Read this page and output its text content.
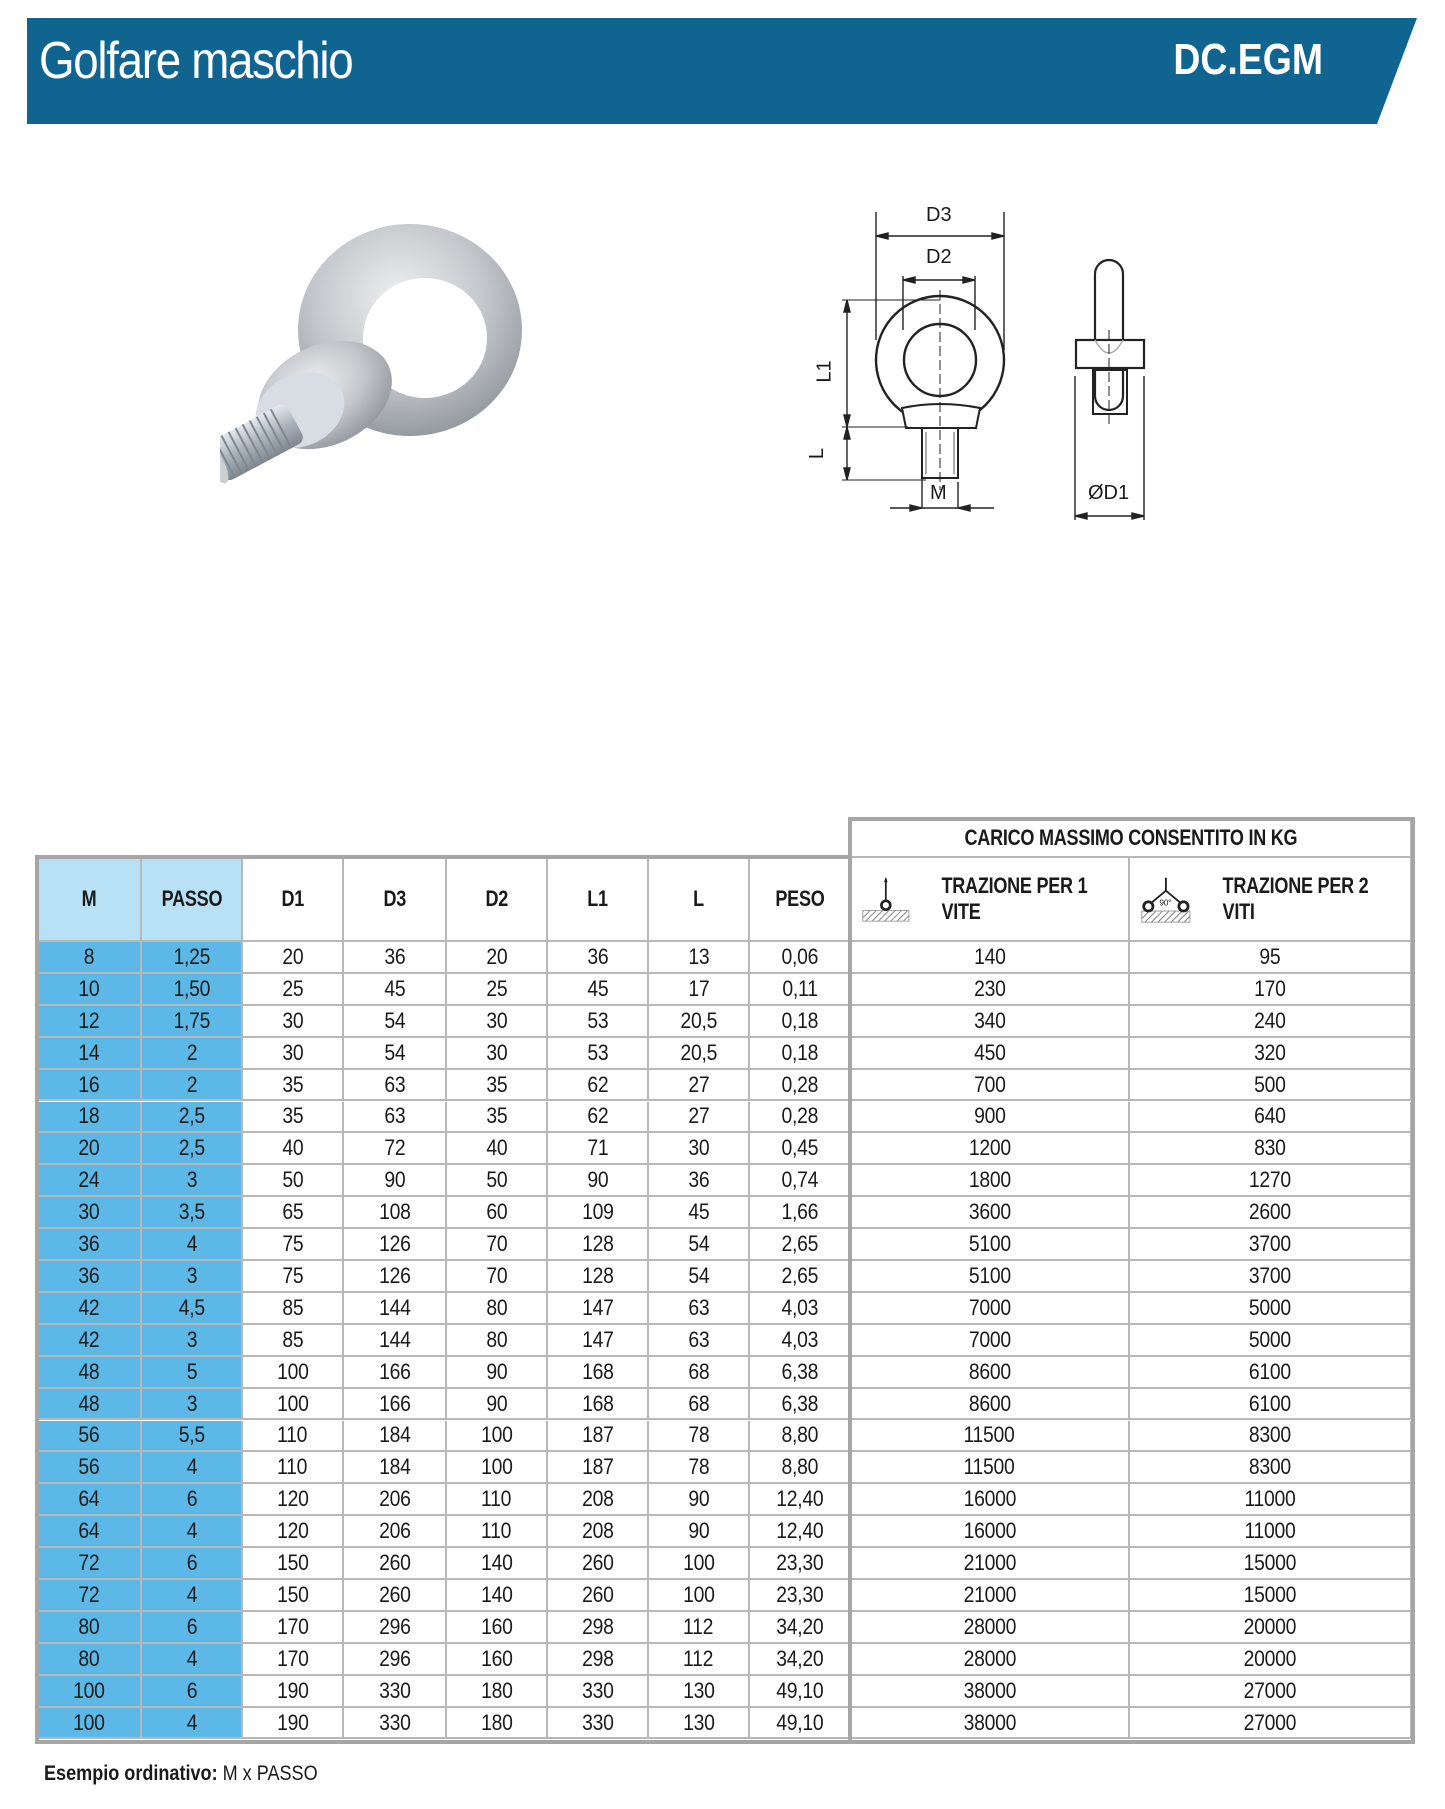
Golfare maschio	DC.EGM
D3
D2
L1
L
M	ØD1
CARICO MASSIMO CONSENTITO IN KG
M	PASSO	D1	D3	D2	L1	L	PESO
TRAZIONE PER 1 VITE	90°
TRAZIONE PER 2 VITI
8	1,25	20	36	20	36	13	0,06	140	95
10	1,50	25	45	25	45	17	0,11	230	170
12	1,75	30	54	30	53	20,5	0,18	340	240
14	2	30	54	30	53	20,5	0,18	450	320
16	2	35	63	35	62	27	0,28	700	500
18	2,5	35	63	35	62	27	0,28	900	640
20	2,5	40	72	40	71	30	0,45	1200	830
24	3	50	90	50	90	36	0,74	1800	1270
30	3,5	65	108	60	109	45	1,66	3600	2600
36	4	75	126	70	128	54	2,65	5100	3700
36	3	75	126	70	128	54	2,65	5100	3700
42	4,5	85	144	80	147	63	4,03	7000	5000
42	3	85	144	80	147	63	4,03	7000	5000
48	5	100	166	90	168	68	6,38	8600	6100
48	3	100	166	90	168	68	6,38	8600	6100
56	5,5	110	184	100	187	78	8,80	11500	8300
56	4	110	184	100	187	78	8,80	11500	8300
64	6	120	206	110	208	90	12,40	16000	11000
64	4	120	206	110	208	90	12,40	16000	11000
72	6	150	260	140	260	100	23,30	21000	15000
72	4	150	260	140	260	100	23,30	21000	15000
80	6	170	296	160	298	112	34,20	28000	20000
80	4	170	296	160	298	112	34,20	28000	20000
100	6	190	330	180	330	130	49,10	38000	27000
100	4	190	330	180	330	130	49,10	38000	27000
Esempio ordinativo: M x PASSO
